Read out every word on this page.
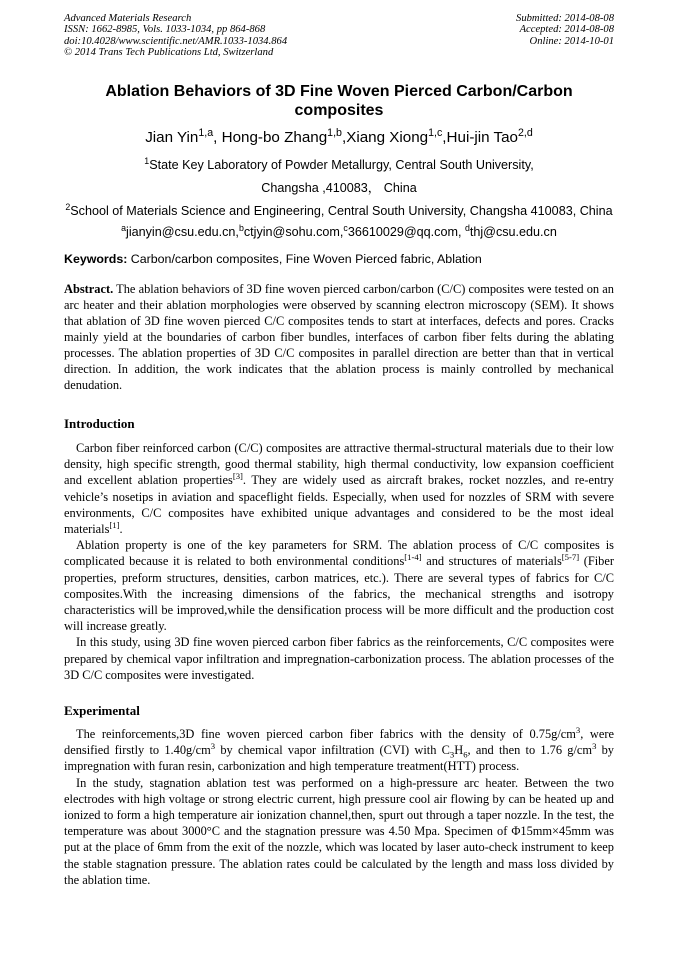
Advanced Materials Research
ISSN: 1662-8985, Vols. 1033-1034, pp 864-868
doi:10.4028/www.scientific.net/AMR.1033-1034.864
© 2014 Trans Tech Publications Ltd, Switzerland
Submitted: 2014-08-08
Accepted: 2014-08-08
Online: 2014-10-01
Ablation Behaviors of 3D Fine Woven Pierced Carbon/Carbon
composites
Jian Yin$^{1,a}$, Hong-bo Zhang$^{1,b}$,Xiang Xiong$^{1,c}$,Hui-jin Tao$^{2,d}$
$^1$State Key Laboratory of Powder Metallurgy, Central South University,
Changsha ,410083， China
$^2$School of Materials Science and Engineering, Central South University, Changsha 410083, China
$^a$jianyin@csu.edu.cn,$^b$ctjyin@sohu.com,$^c$36610029@qq.com, $^d$thj@csu.edu.cn
Keywords: Carbon/carbon composites, Fine Woven Pierced fabric, Ablation
Abstract. The ablation behaviors of 3D fine woven pierced carbon/carbon (C/C) composites were tested on an arc heater and their ablation morphologies were observed by scanning electron microscopy (SEM). It shows that ablation of 3D fine woven pierced C/C composites tends to start at interfaces, defects and pores. Cracks mainly yield at the boundaries of carbon fiber bundles, interfaces of carbon fiber felts during the ablating processes. The ablation properties of 3D C/C composites in parallel direction are better than that in vertical direction. In addition, the work indicates that the ablation process is mainly controlled by mechanical denudation.
Introduction

Carbon fiber reinforced carbon (C/C) composites are attractive thermal-structural materials due to their low density, high specific strength, good thermal stability, high thermal conductivity, low expansion coefficient and excellent ablation properties[3]. They are widely used as aircraft brakes, rocket nozzles, and re-entry vehicle’s nosetips in aviation and spaceflight fields. Especially, when used for nozzles of SRM with severe environments, C/C composites have exhibited unique advantages and considered to be the most ideal materials[1].

Ablation property is one of the key parameters for SRM. The ablation process of C/C composites is complicated because it is related to both environmental conditions[1-4] and structures of materials[5-7] (Fiber properties, preform structures, densities, carbon matrices, etc.). There are several types of fabrics for C/C composites.With the increasing dimensions of the fabrics, the mechanical strengths and isotropy characteristics will be improved,while the densification process will be more difficult and the production cost will increase greatly.

In this study, using 3D fine woven pierced carbon fiber fabrics as the reinforcements, C/C composites were prepared by chemical vapor infiltration and impregnation-carbonization process. The ablation processes of the 3D C/C composites were investigated.

Experimental

The reinforcements,3D fine woven pierced carbon fiber fabrics with the density of $0.75g/cm^3$, were densified firstly to $1.40g/cm^3$ by chemical vapor infiltration (CVI) with $C_3H_6$, and then to 1.76 $g/cm^3$ by impregnation with furan resin, carbonization and high temperature treatment(HTT) process.

In the study, stagnation ablation test was performed on a high-pressure arc heater. Between the two electrodes with high voltage or strong electric current, high pressure cool air flowing by can be heated up and ionized to form a high temperature air ionization channel,then, spurt out through a taper nozzle. In the test, the temperature was about 3000°C and the stagnation pressure was 4.50 Mpa. Specimen of Φ15mm×45mm was put at the place of 6mm from the exit of the nozzle, which was located by laser auto-check instrument to keep the stable stagnation pressure. The ablation rates could be calculated by the length and mass loss divided by the ablation time.
